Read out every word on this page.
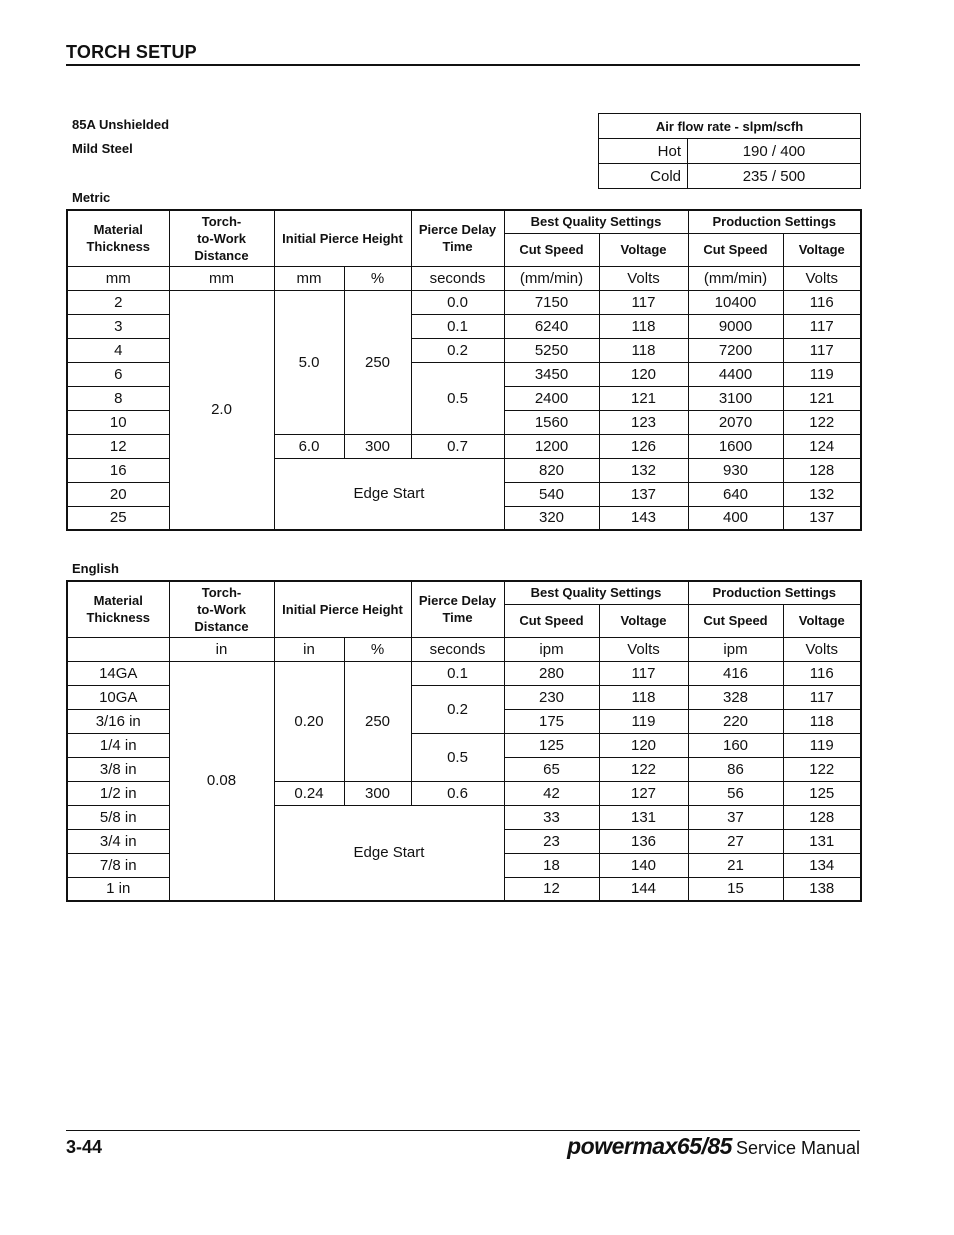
TORCH SETUP
85A Unshielded
Mild Steel
Air flow rate - slpm/scfh	
Hot	190 / 400
Cold	235 / 500
Metric
Material Thickness	Torch-
to-Work
Distance	Initial Pierce Height		Pierce Delay Time	Best Quality Settings		Production Settings	
					Cut Speed	Voltage	Cut Speed	Voltage
mm	mm	mm	%	seconds	(mm/min)	Volts	(mm/min)	Volts
2	2.0	5.0	250	0.0	7150	117	10400	116
3				0.1	6240	118	9000	117
4				0.2	5250	118	7200	117
6				0.5	3450	120	4400	119
8					2400	121	3100	121
10					1560	123	2070	122
12		6.0	300	0.7	1200	126	1600	124
16		Edge Start			820	132	930	128
20					540	137	640	132
25					320	143	400	137
English
Material Thickness	Torch-
to-Work
Distance	Initial Pierce Height		Pierce Delay Time	Best Quality Settings		Production Settings	
					Cut Speed	Voltage	Cut Speed	Voltage
	in	in	%	seconds	ipm	Volts	ipm	Volts
14GA	0.08	0.20	250	0.1	280	117	416	116
10GA				0.2	230	118	328	117
3/16 in					175	119	220	118
1/4 in				0.5	125	120	160	119
3/8 in					65	122	86	122
1/2 in		0.24	300	0.6	42	127	56	125
5/8 in		Edge Start			33	131	37	128
3/4 in					23	136	27	131
7/8 in					18	140	21	134
1 in					12	144	15	138
3-44	powermax65/85 Service Manual
